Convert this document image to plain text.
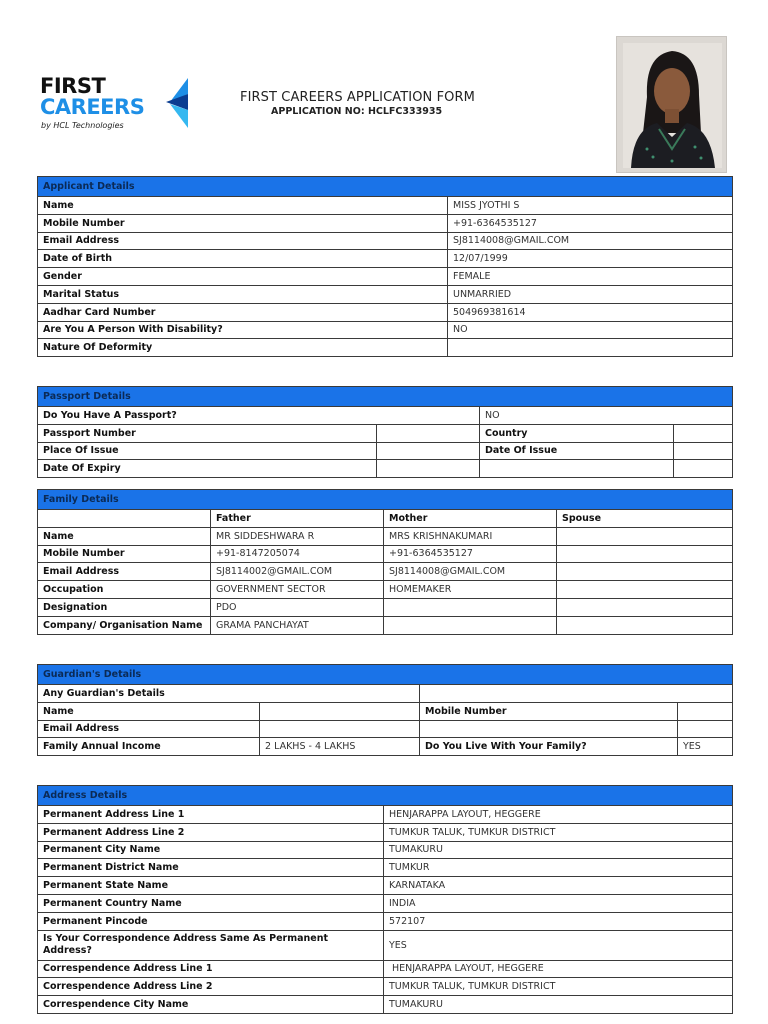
FIRST
CAREERS
by HCL Technologies
FIRST CAREERS APPLICATION FORM
APPLICATION NO: HCLFC333935
Applicant Details	
Name	MISS JYOTHI S
Mobile Number	+91-6364535127
Email Address	SJ8114008@GMAIL.COM
Date of Birth	12/07/1999
Gender	FEMALE
Marital Status	UNMARRIED
Aadhar Card Number	504969381614
Are You A Person With Disability?	NO
Nature Of Deformity	
Passport Details			
Do You Have A Passport?		NO	
Passport Number		Country	
Place Of Issue		Date Of Issue	
Date Of Expiry			
Family Details			
	Father	Mother	Spouse
Name	MR SIDDESHWARA R	MRS KRISHNAKUMARI	
Mobile Number	+91-8147205074	+91-6364535127	
Email Address	SJ8114002@GMAIL.COM	SJ8114008@GMAIL.COM	
Occupation	GOVERNMENT SECTOR	HOMEMAKER	
Designation	PDO		
Company/ Organisation Name	GRAMA PANCHAYAT		
Guardian's Details			
Any Guardian's Details			
Name		Mobile Number	
Email Address			
Family Annual Income	2 LAKHS - 4 LAKHS	Do You Live With Your Family?	YES
Address Details	
Permanent Address Line 1	HENJARAPPA LAYOUT, HEGGERE
Permanent Address Line 2	TUMKUR TALUK, TUMKUR DISTRICT
Permanent City Name	TUMAKURU
Permanent District Name	TUMKUR
Permanent State Name	KARNATAKA
Permanent Country Name	INDIA
Permanent Pincode	572107
Is Your Correspondence Address Same As Permanent Address?	YES
Correspendence Address Line 1	HENJARAPPA LAYOUT, HEGGERE
Correspendence Address Line 2	TUMKUR TALUK, TUMKUR DISTRICT
Correspendence City Name	TUMAKURU
